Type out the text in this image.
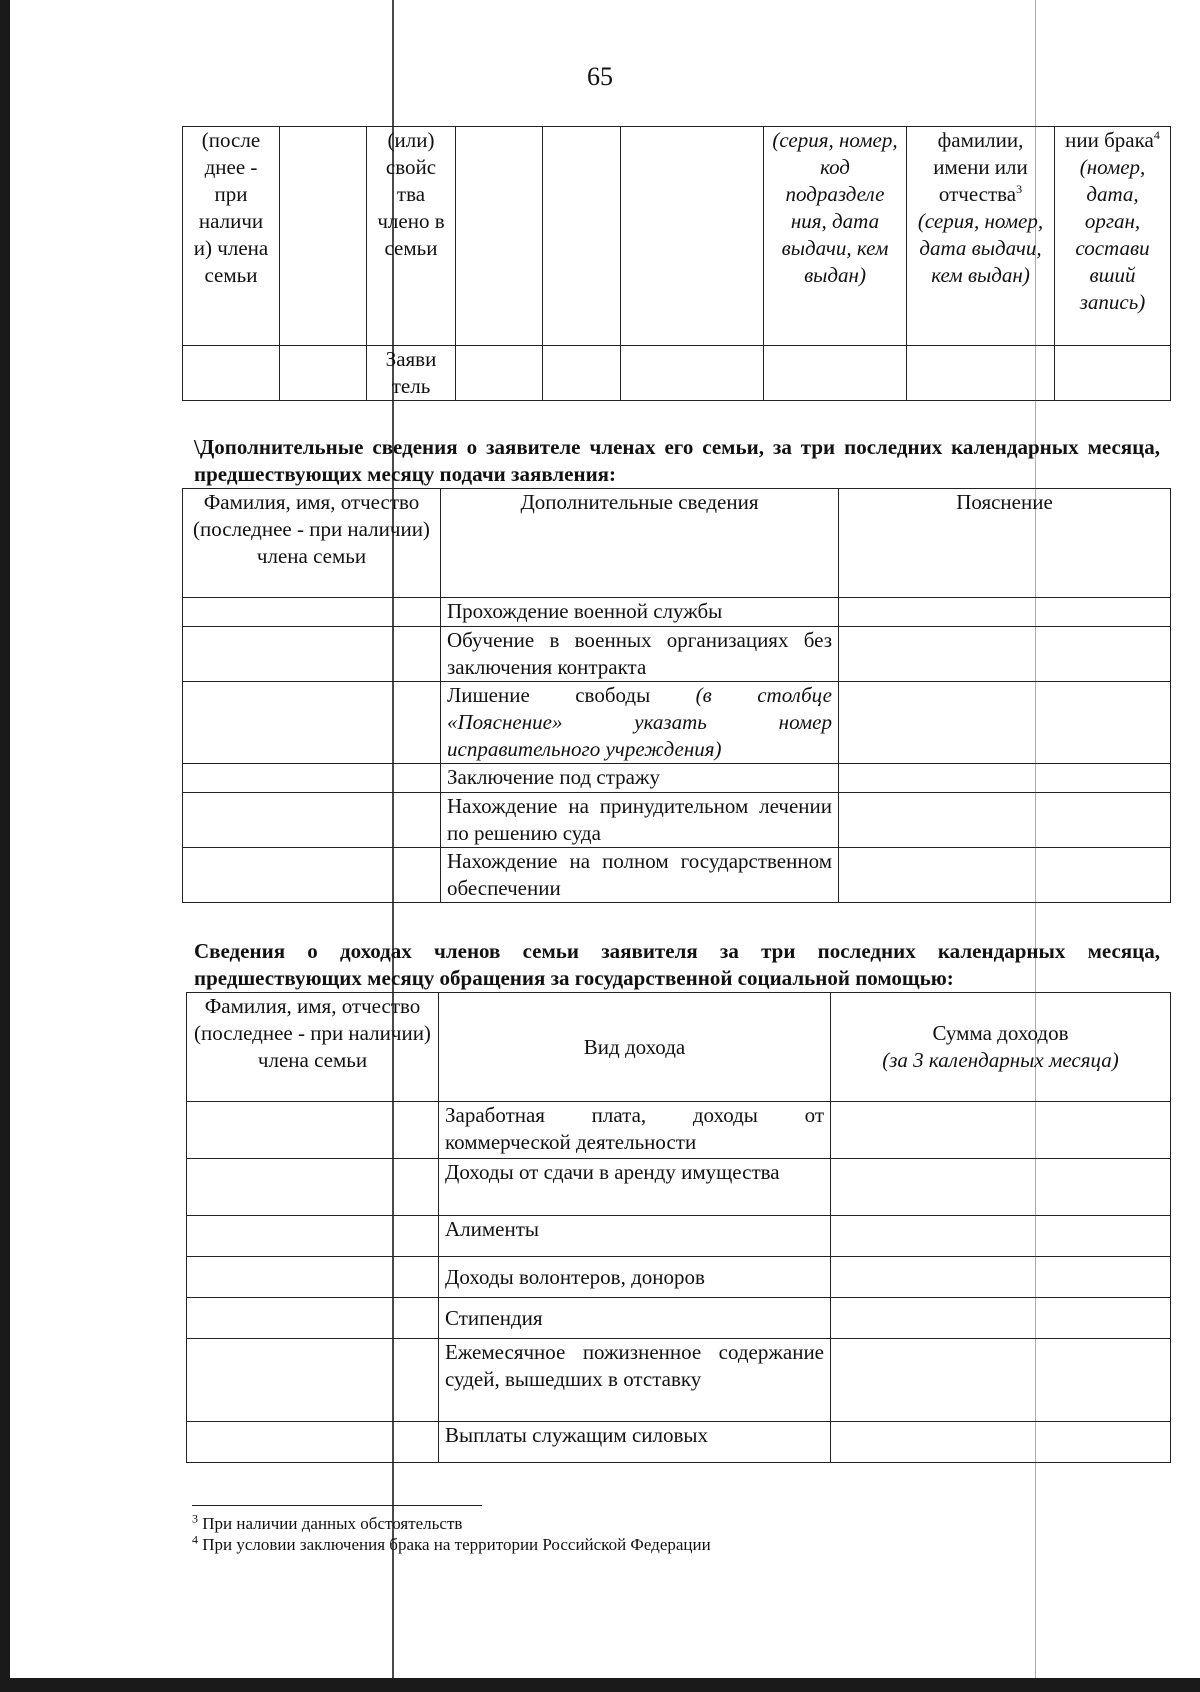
65
(после днее - при наличи и) члена семьи		(или) свойс тва члено в семьи				(серия, номер, код подразделе ния, дата выдачи, кем выдан)	фамилии, имени или отчества$^3$ (серия, номер, дата выдачи, кем выдан)	нии брака$^4$ (номер, дата, орган, состави вший запись)
		Заяви тель						
\Дополнительные сведения о заявителе членах его семьи, за три последних календарных месяца, предшествующих месяцу подачи заявления:
Фамилия, имя, отчество (последнее - при наличии) члена семьи	Дополнительные сведения	Пояснение
	Прохождение военной службы	
	Обучение в военных организациях без заключения контракта	
	Лишение свободы (в столбце «Пояснение» указать номер исправительного учреждения)	
	Заключение под стражу	
	Нахождение на принудительном лечении по решению суда	
	Нахождение на полном государственном обеспечении	
Сведения о доходах членов семьи заявителя за три последних календарных месяца, предшествующих месяцу обращения за государственной социальной помощью:
Фамилия, имя, отчество (последнее - при наличии) члена семьи	Вид дохода	Сумма доходов
(за 3 календарных месяца)

	Заработная плата, доходы от коммерческой деятельности	
	Доходы от сдачи в аренду имущества	
	Алименты	
	Доходы волонтеров, доноров	
	Стипендия	
	Ежемесячное пожизненное содержание судей, вышедших в отставку	
	Выплаты служащим силовых	
$^3$ При наличии данных обстоятельств
$^4$ При условии заключения брака на территории Российской Федерации
